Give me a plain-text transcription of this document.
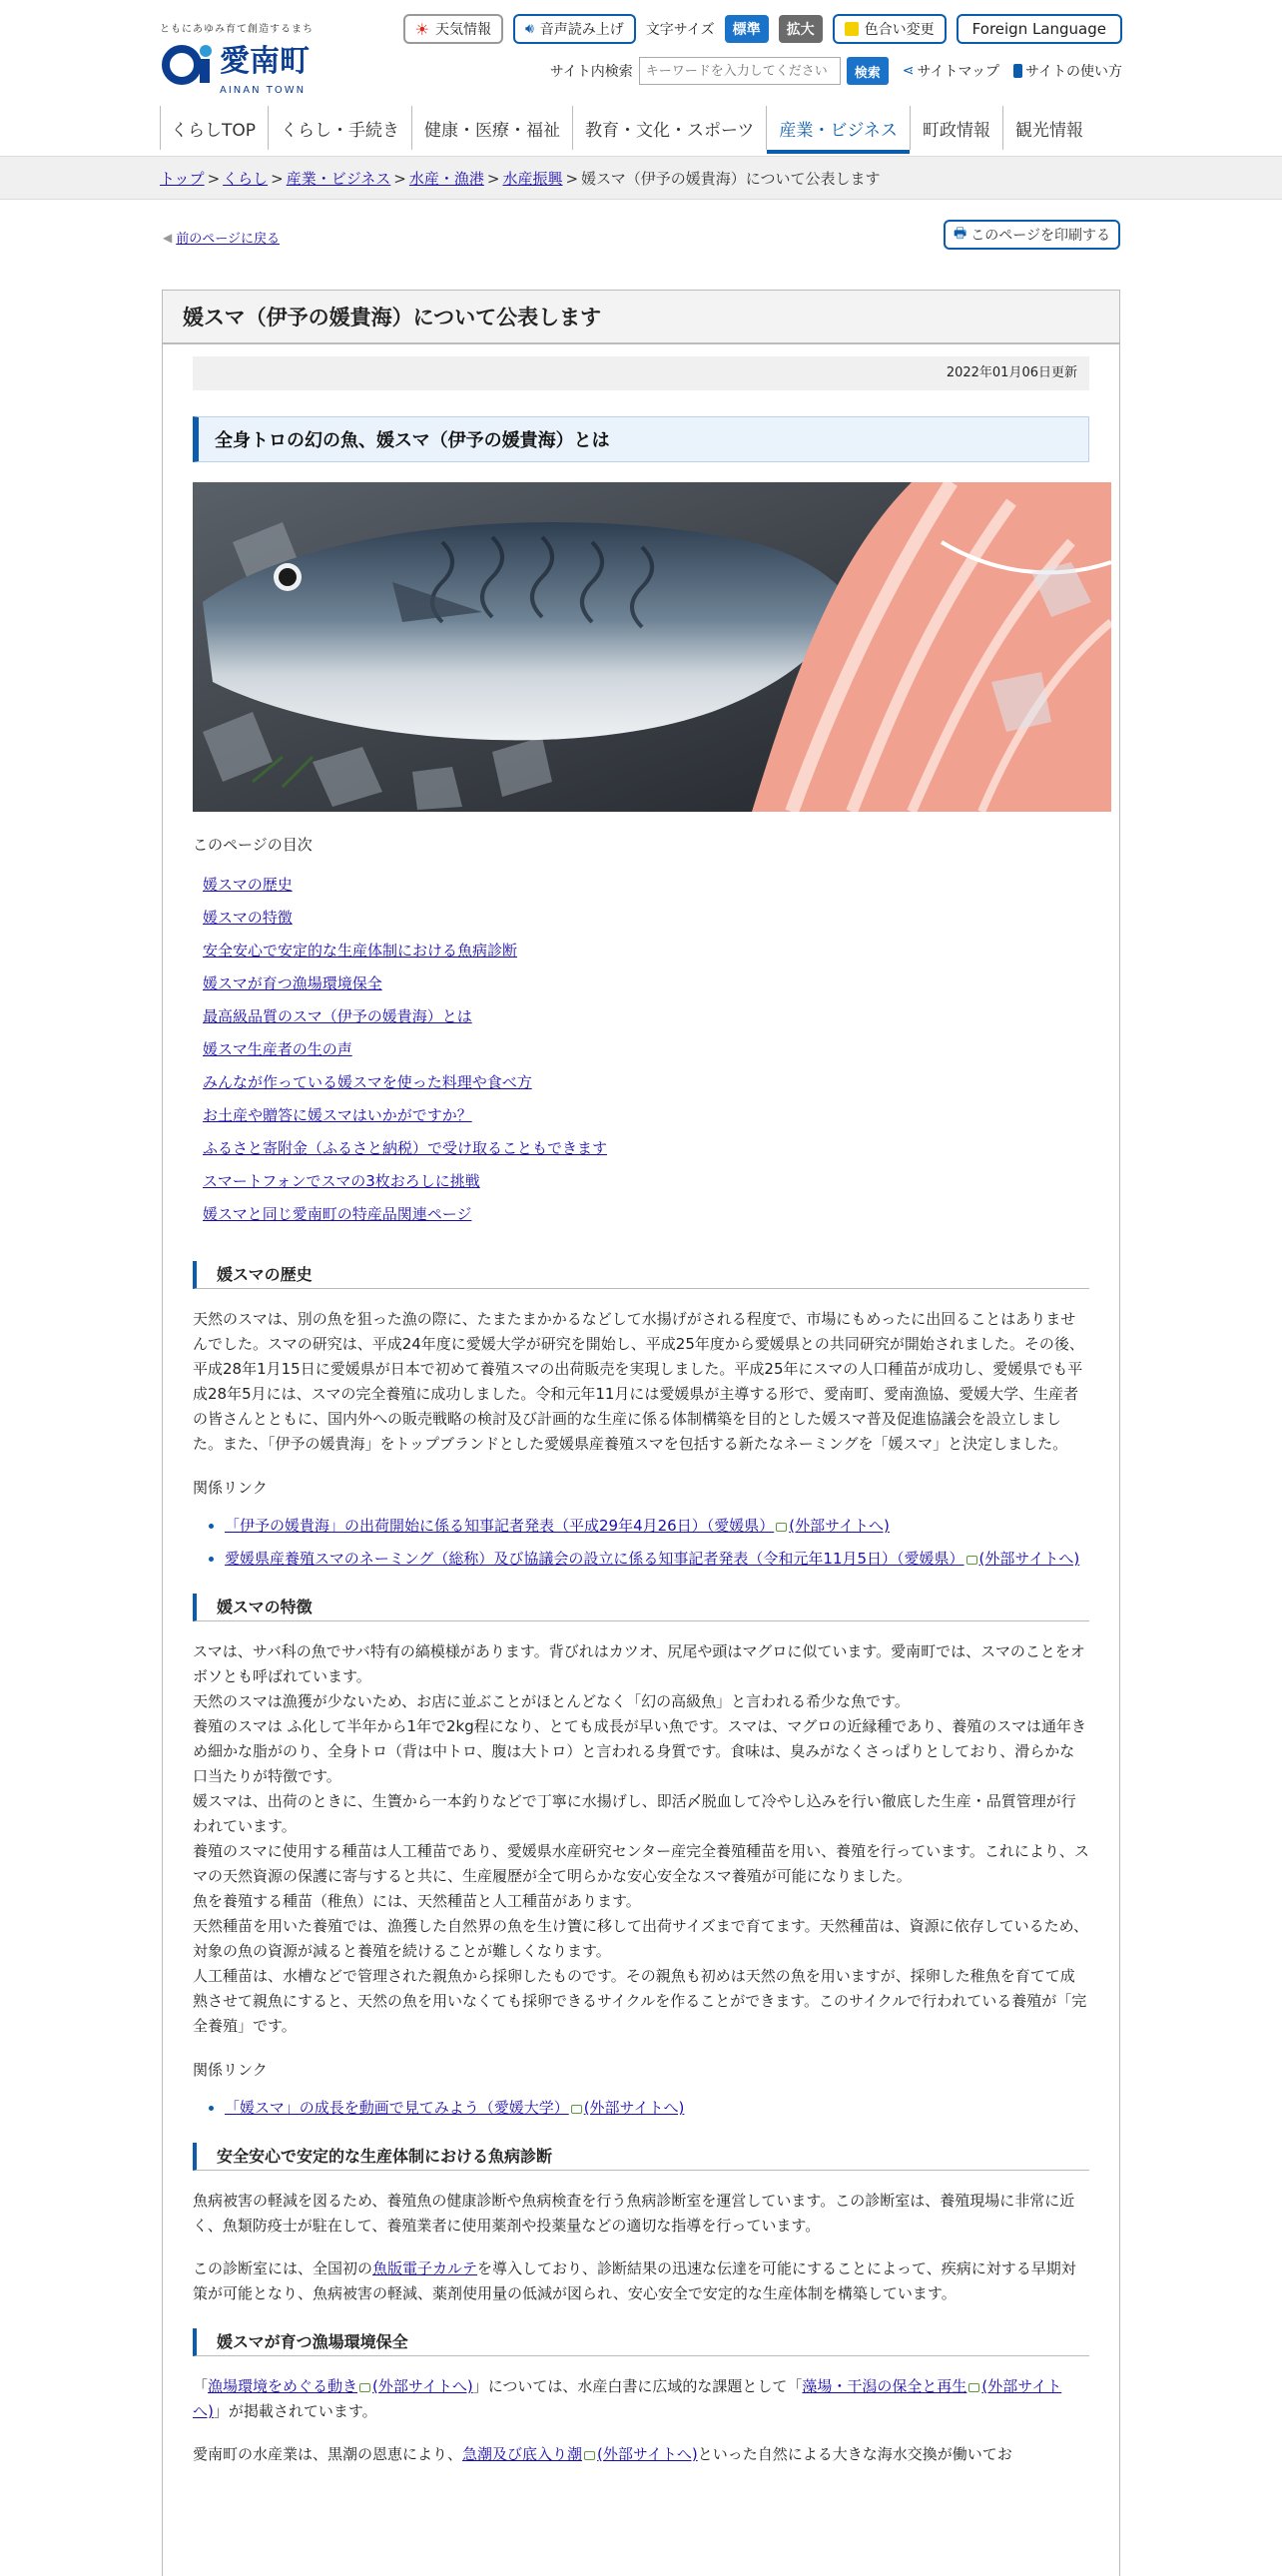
ともにあゆみ育て創造するまち
愛南町
AINAN TOWN
☀ 天気情報 🔊︎ 音声読み上げ 文字サイズ	標準	拡大	色合い変更	Foreign Language
サイト内検索
キーワードを入力してください	検索	⋖ サイトマップ サイトの使い方
くらしTOP くらし・手続き 健康・医療・福祉 教育・文化・スポーツ 産業・ビジネス 町政情報 観光情報
トップ > くらし > 産業・ビジネス > 水産・漁港 > 水産振興 > 媛スマ（伊予の媛貴海）について公表します
◀ 前のページに戻る	🖶 このページを印刷する
媛スマ（伊予の媛貴海）について公表します
2022年01月06日更新
全身トロの幻の魚、媛スマ（伊予の媛貴海）とは
このページの目次
媛スマの歴史
媛スマの特徴
安全安心で安定的な生産体制における魚病診断
媛スマが育つ漁場環境保全
最高級品質のスマ（伊予の媛貴海）とは
媛スマ生産者の生の声
みんなが作っている媛スマを使った料理や食べ方
お土産や贈答に媛スマはいかがですか？
ふるさと寄附金（ふるさと納税）で受け取ることもできます
スマートフォンでスマの3枚おろしに挑戦
媛スマと同じ愛南町の特産品関連ページ
媛スマの歴史

天然のスマは、別の魚を狙った漁の際に、たまたまかかるなどして水揚げがされる程度で、市場にもめったに出回ることはありませんでした。スマの研究は、平成24年度に愛媛大学が研究を開始し、平成25年度から愛媛県との共同研究が開始されました。その後、平成28年1月15日に愛媛県が日本で初めて養殖スマの出荷販売を実現しました。平成25年にスマの人口種苗が成功し、愛媛県でも平成28年5月には、スマの完全養殖に成功しました。令和元年11月には愛媛県が主導する形で、愛南町、愛南漁協、愛媛大学、生産者の皆さんとともに、国内外への販売戦略の検討及び計画的な生産に係る体制構築を目的とした媛スマ普及促進協議会を設立しました。また、「伊予の媛貴海」をトップブランドとした愛媛県産養殖スマを包括する新たなネーミングを「媛スマ」と決定しました。

関係リンク
• 「伊予の媛貴海」の出荷開始に係る知事記者発表（平成29年4月26日）（愛媛県） (外部サイトへ)
• 愛媛県産養殖スマのネーミング（総称）及び協議会の設立に係る知事記者発表（令和元年11月5日）（愛媛県） (外部サイトへ)
媛スマの特徴

スマは、サバ科の魚でサバ特有の縞模様があります。背びれはカツオ、尻尾や頭はマグロに似ています。愛南町では、スマのことをオボソとも呼ばれています。
天然のスマは漁獲が少ないため、お店に並ぶことがほとんどなく「幻の高級魚」と言われる希少な魚です。
養殖のスマは ふ化して半年から1年で2kg程になり、とても成長が早い魚です。スマは、マグロの近縁種であり、養殖のスマは通年きめ細かな脂がのり、全身トロ（背は中トロ、腹は大トロ）と言われる身質です。食味は、臭みがなくさっぱりとしており、滑らかな口当たりが特徴です。
媛スマは、出荷のときに、生簀から一本釣りなどで丁寧に水揚げし、即活〆脱血して冷やし込みを行い徹底した生産・品質管理が行われています。
養殖のスマに使用する種苗は人工種苗であり、愛媛県水産研究センター産完全養殖種苗を用い、養殖を行っています。これにより、スマの天然資源の保護に寄与すると共に、生産履歴が全て明らかな安心安全なスマ養殖が可能になりました。
魚を養殖する種苗（稚魚）には、天然種苗と人工種苗があります。
天然種苗を用いた養殖では、漁獲した自然界の魚を生け簀に移して出荷サイズまで育てます。天然種苗は、資源に依存しているため、対象の魚の資源が減ると養殖を続けることが難しくなります。
人工種苗は、水槽などで管理された親魚から採卵したものです。その親魚も初めは天然の魚を用いますが、採卵した稚魚を育てて成熟させて親魚にすると、天然の魚を用いなくても採卵できるサイクルを作ることができます。このサイクルで行われている養殖が「完全養殖」です。

関係リンク
• 「媛スマ」の成長を動画で見てみよう（愛媛大学） (外部サイトへ)
安全安心で安定的な生産体制における魚病診断

魚病被害の軽減を図るため、養殖魚の健康診断や魚病検査を行う魚病診断室を運営しています。この診断室は、養殖現場に非常に近く、魚類防疫士が駐在して、養殖業者に使用薬剤や投薬量などの適切な指導を行っています。

この診断室には、全国初の魚版電子カルテを導入しており、診断結果の迅速な伝達を可能にすることによって、疾病に対する早期対策が可能となり、魚病被害の軽減、薬剤使用量の低減が図られ、安心安全で安定的な生産体制を構築しています。

媛スマが育つ漁場環境保全

「漁場環境をめぐる動き (外部サイトへ)」については、水産白書に広域的な課題として「藻場・干潟の保全と再生 (外部サイトへ)」が掲載されています。

愛南町の水産業は、黒潮の恩恵により、急潮及び底入り潮 (外部サイトへ)といった自然による大きな海水交換が働いてお
